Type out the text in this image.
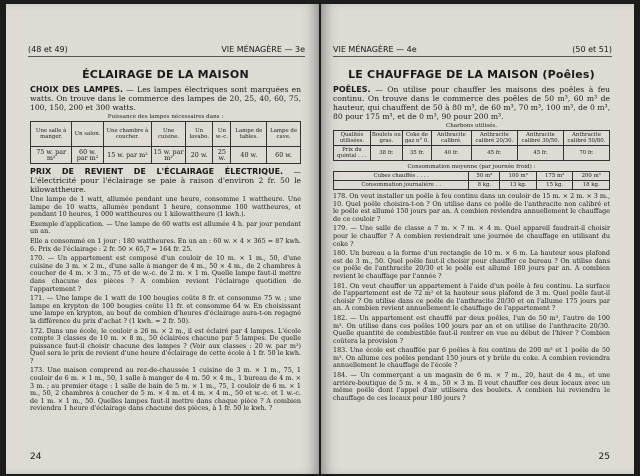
(48 et 49)	VIE MÉNAGÈRE — 3e
ÉCLAIRAGE DE LA MAISON

CHOIX DES LAMPES. — Les lampes électriques sont marquées en watts. On trouve dans le commerce des lampes de 20, 25, 40, 60, 75, 100, 150, 200 et 300 watts.

Puissance des lampes nécessaires dans :
Une salle à manger.	Un salon.	Une chambre à coucher.	Une cuisine.	Un lavabo.	Un w.-c.	Lampe de tables.	Lampe de cave.
75 w. par m²	60 w. par m²	15 w. par m²	15 w. par m²	20 w.	25 w.	40 w.	60 w.

PRIX DE REVIENT DE L'ÉCLAIRAGE ÉLECTRIQUE. — L'électricité pour l'éclairage se paie à raison d'environ 2 fr. 50 le kilowattheure.

Une lampe de 1 watt, allumée pendant une heure, consomme 1 wattheure. Une lampe de 10 watts, allumée pendant 1 heure, consomme 100 wattheures, et pendant 10 heures, 1 000 wattheures ou 1 kilowattheure (1 kwh.).

Exemple d'application. — Une lampe de 60 watts est allumée 4 h. par jour pendant un an.

Elle a consommé en 1 jour : 180 wattheures. En un an : 60 w. × 4 × 365 = 87 kwh. 6. Prix de l'éclairage : 2 fr. 50 × 65,7 = 164 fr. 25.

170. — Un appartement est composé d'un couloir de 10 m. × 1 m., 50, d'une cuisine de 3 m. × 2 m., d'une salle à manger de 4 m., 50 × 4 m., de 2 chambres à coucher de 4 m. × 3 m., 75 et de w.-c. de 2 m. × 1 m. Quelle lampe faut-il mettre dans chacune des pièces ? A combien revient l'éclairage quotidien de l'appartement ?

171. — Une lampe de 1 watt de 100 bougies coûte 8 fr. et consomme 75 w. ; une lampe en krypton de 100 bougies coûte 11 fr. et consomme 64 w. En choisissant une lampe en krypton, au bout de combien d'heures d'éclairage aura-t-on regagné la différence du prix d'achat ? (1 kwh. = 2 fr. 50).

172. Dans une école, le couloir a 26 m. × 2 m., il est éclairé par 4 lampes. L'école compte 3 classes de 10 m. × 8 m., 50 éclairées chacune par 5 lampes. De quelle puissance faut-il choisir chacune des lampes ? (Voir aux classes : 20 w. par m²) Quel sera le prix de revient d'une heure d'éclairage de cette école à 1 fr. 50 le kwh. ?

173. Une maison comprend au rez-de-chaussée 1 cuisine de 3 m. × 1 m., 75, 1 couloir de 6 m. × 1 m., 50, 1 salle à manger de 4 m. 50 × 4 m., 1 bureau de 4 m. × 3 m. ; au premier étage : 1 salle de bain de 5 m. × 1 m., 75, 1 couloir de 6 m. × 1 m., 50, 2 chambres à coucher de 5 m. × 4 m. et 4 m. × 4 m., 50 et w.-c. et 1 w.-c. de 1 m. × 1 m., 50. Quelles lampes faut-il mettre dans chaque pièce ? A combien reviendra 1 heure d'éclairage dans chacune des pièces, à 1 fr. 50 le kwh. ?

24
VIE MÉNAGÈRE — 4e	(50 et 51)
LE CHAUFFAGE DE LA MAISON (Poêles)

POÊLES. — On utilise pour chauffer les maisons des poêles à feu continu. On trouve dans le commerce des poêles de 50 m³, 60 m³ de hauteur, qui chauffent de 50 à 80 m³, de 60 m³, 70 m³, 100 m³, de 0 m³, 80 pour 175 m³, et de 0 m³, 90 pour 200 m³.

Charbons utilisés.
Qualités utilisées.	Boulets ou gras.	Coke de gaz n° 0.	Anthracite calibré.	Anthracite calibré 20/30.	Anthracite calibré 30/50.	Anthracite calibré 50/80.
Prix du quintal . . .	38 fr.	35 fr.	40 fr.	45 fr.	45 fr.	70 fr.
Consommation moyenne (par journée froid) :
Cubes chauffés . . . .	50 m³	100 m³	175 m³	200 m³
Consommation journalière . .	8 kg.	13 kg.	15 kg.	18 kg.

178. On veut installer un poêle à feu continu dans un couloir de 15 m. × 2 m. × 3 m., 10. Quel poêle choisira-t-on ? On utilise dans ce poêle de l'anthracite non calibré et le poêle est allumé 150 jours par an. A combien reviendra annuellement le chauffage de ce couloir ?

179. — Une salle de classe a 7 m. × 7 m. × 4 m. Quel appareil faudrait-il choisir pour le chauffer ? A combien reviendrait une journée de chauffage en utilisant du coke ?

180. Un bureau a la forme d'un rectangle de 10 m. × 6 m. La hauteur sous plafond est de 3 m., 50. Quel poêle faut-il choisir pour chauffer ce bureau ? On utilise dans ce poêle de l'anthracite 20/30 et le poêle est allumé 180 jours par an. A combien revient le chauffage par l'année ?

181. On veut chauffer un appartement à l'aide d'un poêle à feu continu. La surface de l'appartement est de 72 m² et la hauteur sous plafond de 3 m. Quel poêle faut-il choisir ? On utilise dans ce poêle de l'anthracite 20/30 et on l'allume 175 jours par an. A combien revient annuellement le chauffage de l'appartement ?

182. — Un appartement est chauffé par deux poêles, l'un de 50 m³, l'autre de 100 m³. On utilise dans ces poêles 100 jours par an et on utilise de l'anthracite 20/30. Quelle quantité de combustible faut-il rentrer en vue au début de l'hiver ? Combien coûtera la provision ?

183. Une école est chauffée par 6 poêles à feu continu de 200 m³ et 1 poêle de 50 m³. On allume ces poêles pendant 150 jours et y brûle du coke. A combien reviendra annuellement le chauffage de l'école ?

184. — Un commerçant a un magasin de 6 m. × 7 m., 20, haut de 4 m., et une arrière-boutique de 5 m. × 4 m., 50 × 3 m. Il veut chauffer ces deux locaux avec un même poêle dont l'appel d'air utilisera des boulets. A combien lui reviendra le chauffage de ces locaux pour 180 jours ?

25
